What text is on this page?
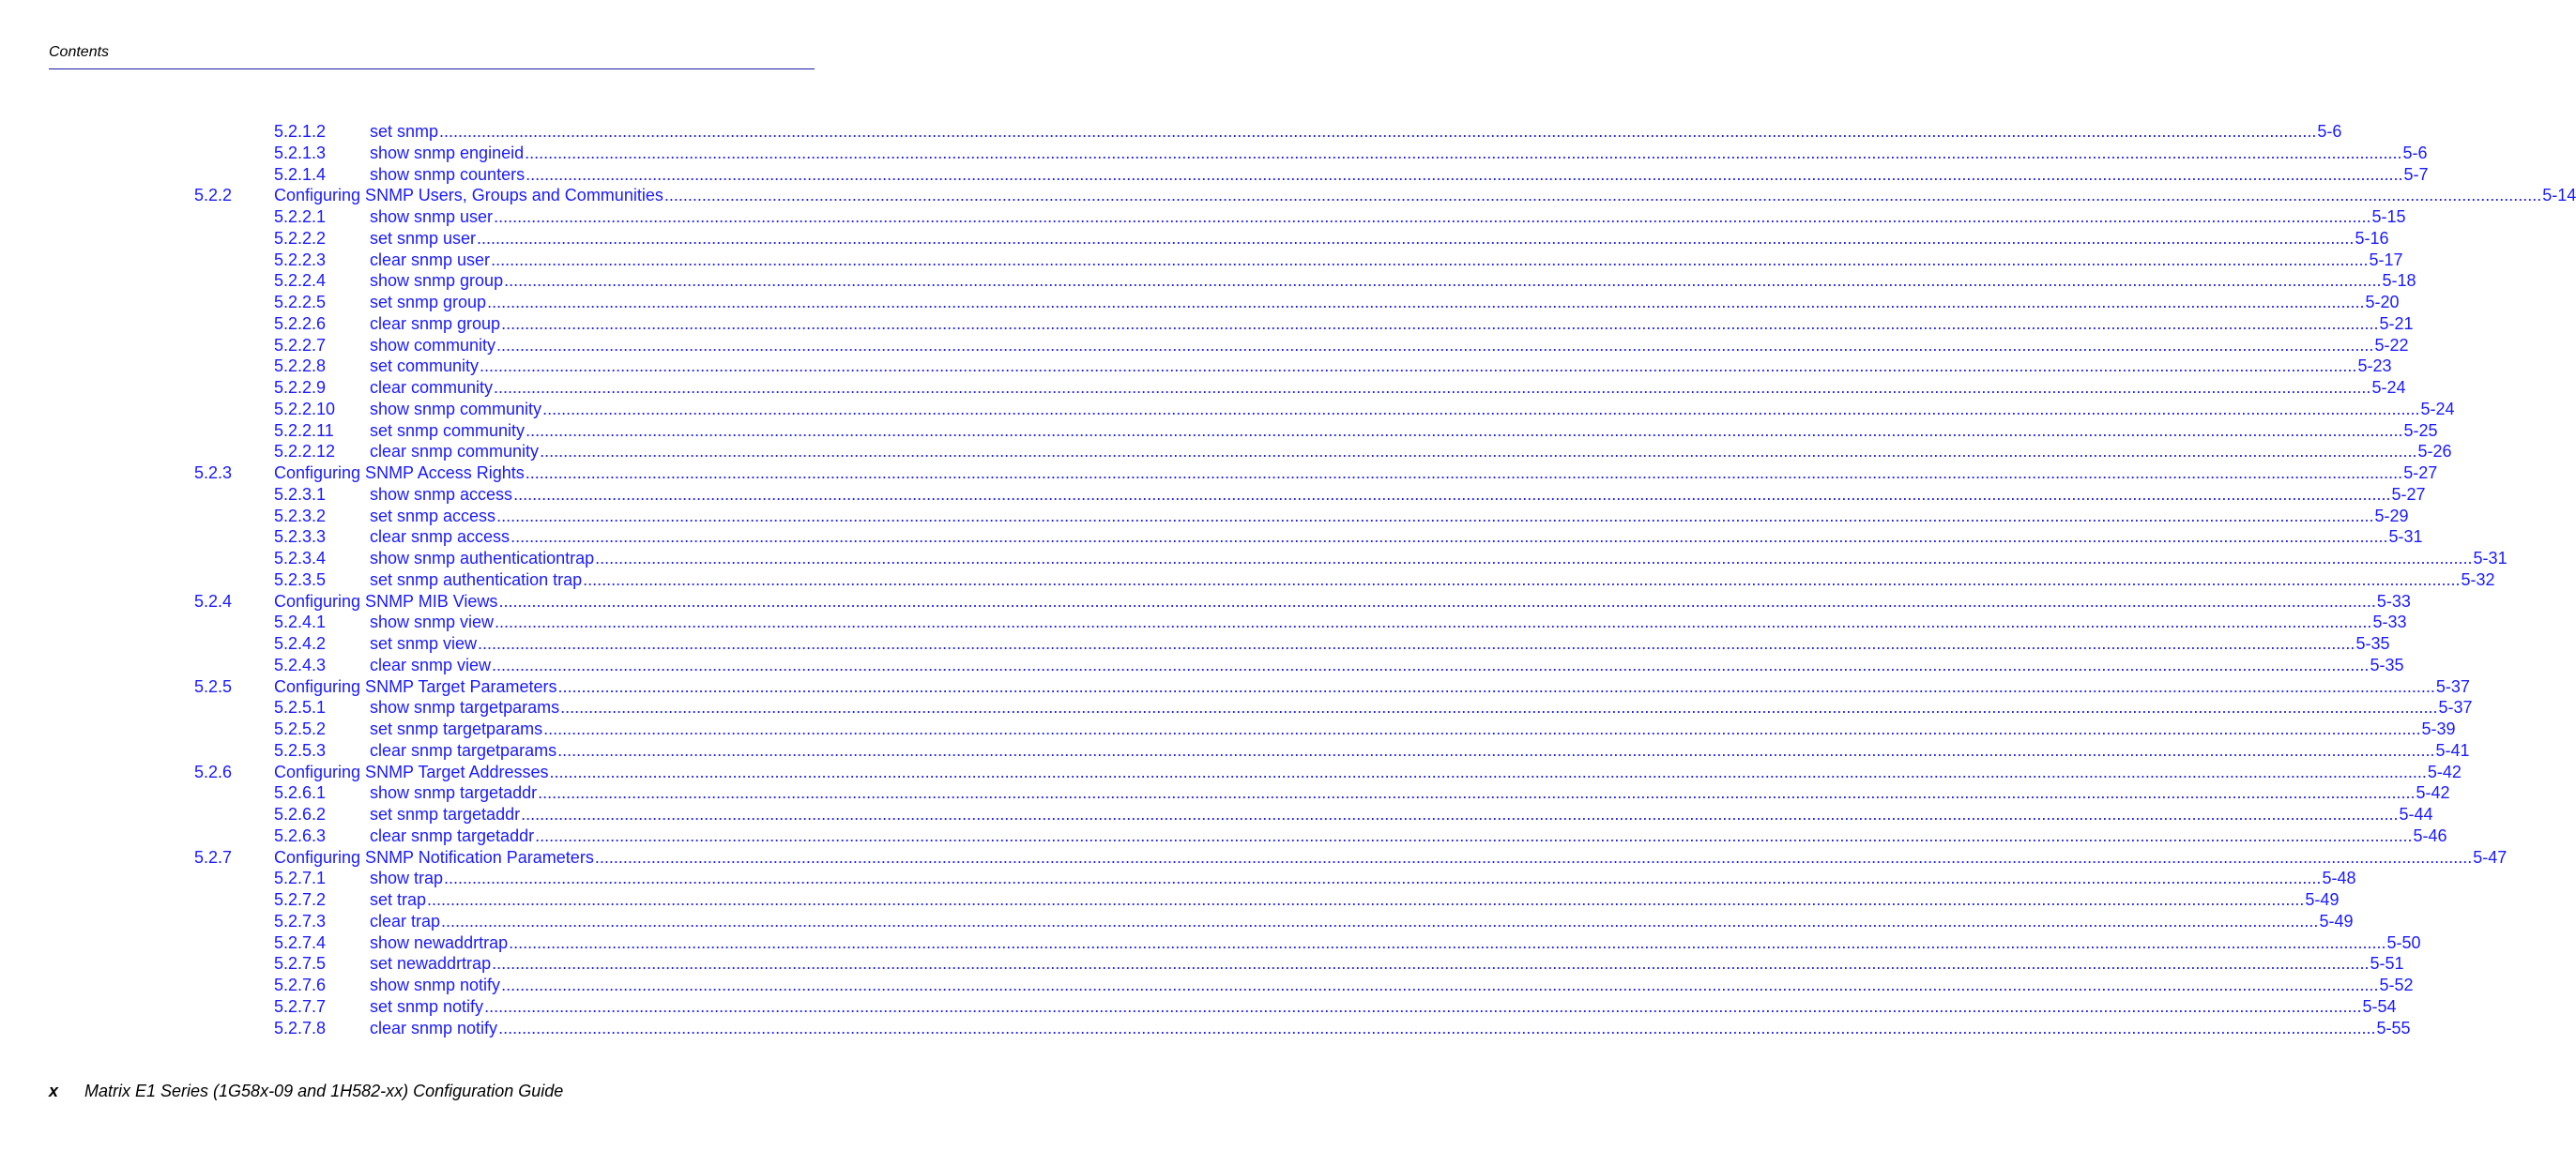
Contents
5.2.1.2	set snmp ................................................................................................................................................................................................................................................................................................................................................................................................................ 5-6
5.2.1.3	show snmp engineid ................................................................................................................................................................................................................................................................................................................................................................................................................ 5-6
5.2.1.4	show snmp counters ................................................................................................................................................................................................................................................................................................................................................................................................................ 5-7
5.2.2 Configuring SNMP Users, Groups and Communities ................................................................................................................................................................................................................................................................................................................................................................................................................ 5-14
5.2.2.1	show snmp user ................................................................................................................................................................................................................................................................................................................................................................................................................ 5-15
5.2.2.2	set snmp user ................................................................................................................................................................................................................................................................................................................................................................................................................ 5-16
5.2.2.3	clear snmp user ................................................................................................................................................................................................................................................................................................................................................................................................................ 5-17
5.2.2.4	show snmp group ................................................................................................................................................................................................................................................................................................................................................................................................................ 5-18
5.2.2.5	set snmp group ................................................................................................................................................................................................................................................................................................................................................................................................................ 5-20
5.2.2.6	clear snmp group ................................................................................................................................................................................................................................................................................................................................................................................................................ 5-21
5.2.2.7	show community ................................................................................................................................................................................................................................................................................................................................................................................................................ 5-22
5.2.2.8	set community ................................................................................................................................................................................................................................................................................................................................................................................................................ 5-23
5.2.2.9	clear community ................................................................................................................................................................................................................................................................................................................................................................................................................ 5-24
5.2.2.10 show snmp community ................................................................................................................................................................................................................................................................................................................................................................................................................ 5-24
5.2.2.11 set snmp community ................................................................................................................................................................................................................................................................................................................................................................................................................ 5-25
5.2.2.12 clear snmp community ................................................................................................................................................................................................................................................................................................................................................................................................................ 5-26
5.2.3 Configuring SNMP Access Rights ................................................................................................................................................................................................................................................................................................................................................................................................................ 5-27
5.2.3.1	show snmp access ................................................................................................................................................................................................................................................................................................................................................................................................................ 5-27
5.2.3.2	set snmp access ................................................................................................................................................................................................................................................................................................................................................................................................................ 5-29
5.2.3.3	clear snmp access ................................................................................................................................................................................................................................................................................................................................................................................................................ 5-31
5.2.3.4	show snmp authenticationtrap ................................................................................................................................................................................................................................................................................................................................................................................................................ 5-31
5.2.3.5	set snmp authentication trap ................................................................................................................................................................................................................................................................................................................................................................................................................ 5-32
5.2.4 Configuring SNMP MIB Views ................................................................................................................................................................................................................................................................................................................................................................................................................ 5-33
5.2.4.1	show snmp view ................................................................................................................................................................................................................................................................................................................................................................................................................ 5-33
5.2.4.2	set snmp view ................................................................................................................................................................................................................................................................................................................................................................................................................ 5-35
5.2.4.3	clear snmp view ................................................................................................................................................................................................................................................................................................................................................................................................................ 5-35
5.2.5 Configuring SNMP Target Parameters ................................................................................................................................................................................................................................................................................................................................................................................................................ 5-37
5.2.5.1	show snmp targetparams ................................................................................................................................................................................................................................................................................................................................................................................................................ 5-37
5.2.5.2	set snmp targetparams ................................................................................................................................................................................................................................................................................................................................................................................................................ 5-39
5.2.5.3	clear snmp targetparams ................................................................................................................................................................................................................................................................................................................................................................................................................ 5-41
5.2.6 Configuring SNMP Target Addresses ................................................................................................................................................................................................................................................................................................................................................................................................................ 5-42
5.2.6.1	show snmp targetaddr ................................................................................................................................................................................................................................................................................................................................................................................................................ 5-42
5.2.6.2	set snmp targetaddr ................................................................................................................................................................................................................................................................................................................................................................................................................ 5-44
5.2.6.3	clear snmp targetaddr ................................................................................................................................................................................................................................................................................................................................................................................................................ 5-46
5.2.7 Configuring SNMP Notification Parameters ................................................................................................................................................................................................................................................................................................................................................................................................................ 5-47
5.2.7.1	show trap ................................................................................................................................................................................................................................................................................................................................................................................................................ 5-48
5.2.7.2	set trap ................................................................................................................................................................................................................................................................................................................................................................................................................ 5-49
5.2.7.3	clear trap ................................................................................................................................................................................................................................................................................................................................................................................................................ 5-49
5.2.7.4	show newaddrtrap ................................................................................................................................................................................................................................................................................................................................................................................................................ 5-50
5.2.7.5	set newaddrtrap ................................................................................................................................................................................................................................................................................................................................................................................................................ 5-51
5.2.7.6	show snmp notify ................................................................................................................................................................................................................................................................................................................................................................................................................ 5-52
5.2.7.7	set snmp notify ................................................................................................................................................................................................................................................................................................................................................................................................................ 5-54
5.2.7.8	clear snmp notify ................................................................................................................................................................................................................................................................................................................................................................................................................ 5-55
x Matrix E1 Series (1G58x-09 and 1H582-xx) Configuration Guide
